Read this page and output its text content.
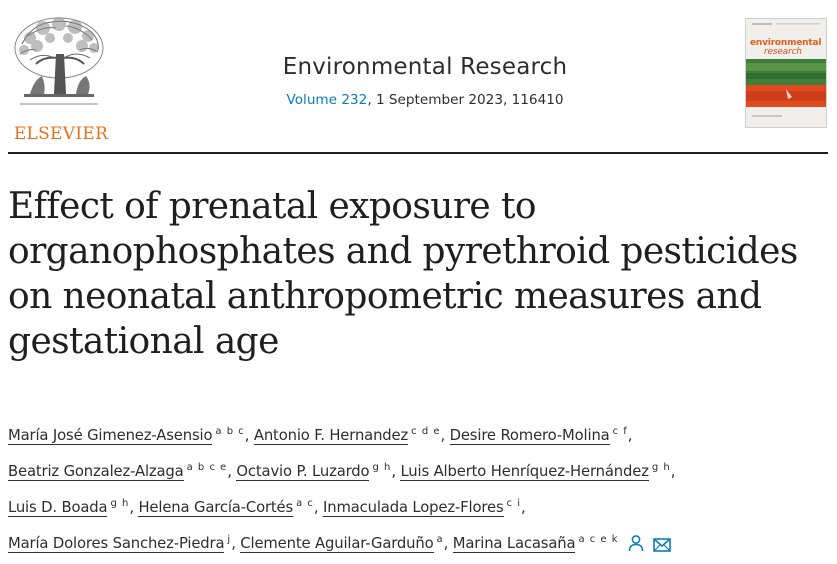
ELSEVIER
Environmental Research
Volume 232, 1 September 2023, 116410
environmental
research
Effect of prenatal exposure to
organophosphates and pyrethroid pesticides
on neonatal anthropometric measures and
gestational age
María José Gimenez-Asensio $^{a b c}$, Antonio F. Hernandez $^{c d e}$, Desire Romero-Molina $^{c f}$,
Beatriz Gonzalez-Alzaga $^{a b c e}$, Octavio P. Luzardo $^{g h}$, Luis Alberto Henríquez-Hernández $^{g h}$,
Luis D. Boada $^{g h}$, Helena García-Cortés $^{a c}$, Inmaculada Lopez-Flores $^{c i}$,
María Dolores Sanchez-Piedra $^j$, Clemente Aguilar-Garduño $^a$, Marina Lacasaña $^{a c e k}$
